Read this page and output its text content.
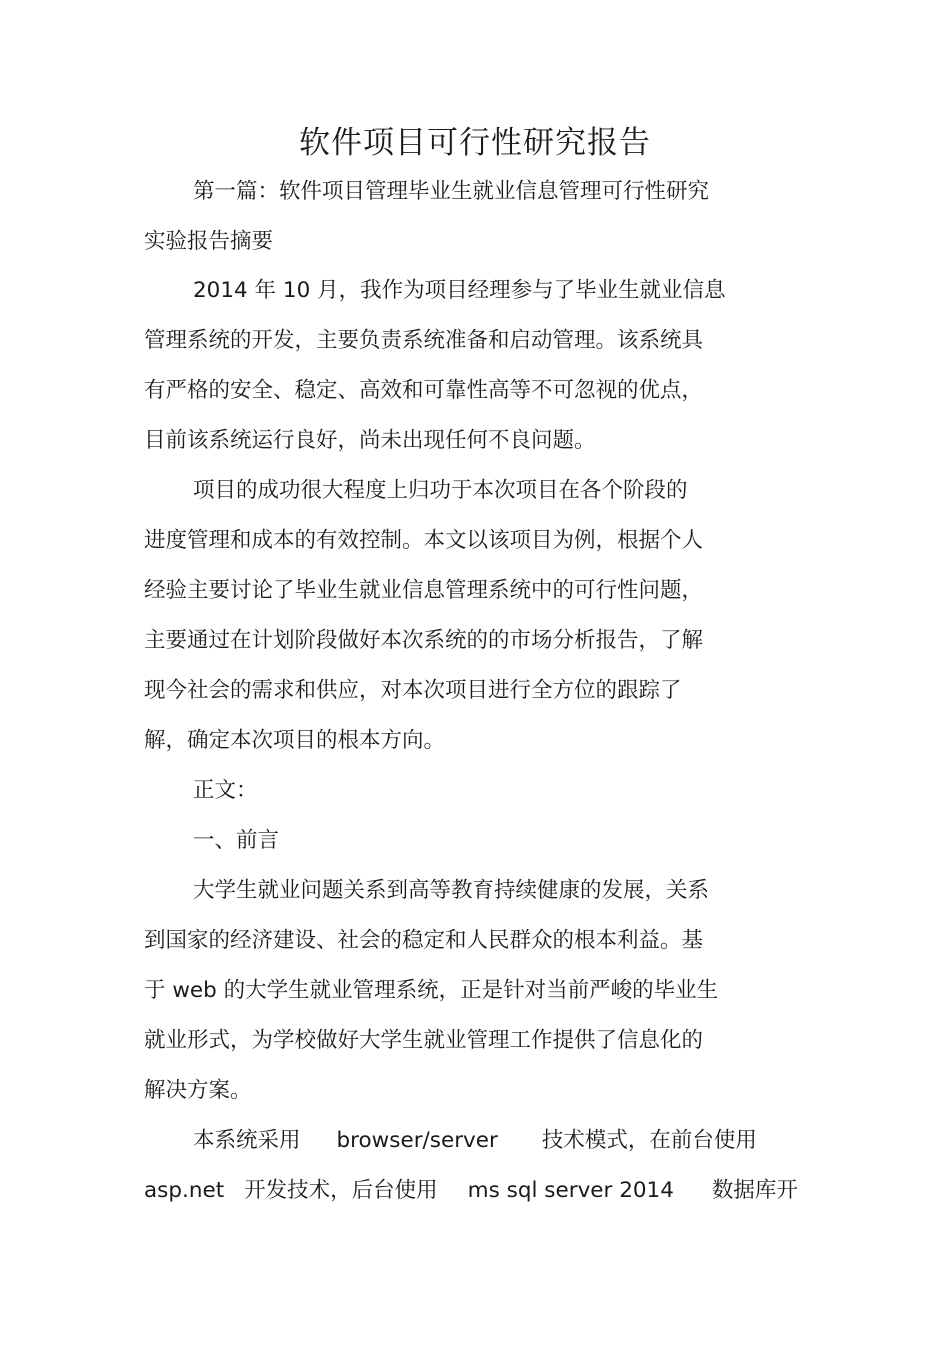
软件项目可行性研究报告
第一篇：软件项目管理毕业生就业信息管理可行性研究
实验报告摘要
2014 年 10 月，我作为项目经理参与了毕业生就业信息
管理系统的开发，主要负责系统准备和启动管理。该系统具
有严格的安全、稳定、高效和可靠性高等不可忽视的优点，
目前该系统运行良好，尚未出现任何不良问题。
项目的成功很大程度上归功于本次项目在各个阶段的
进度管理和成本的有效控制。本文以该项目为例，根据个人
经验主要讨论了毕业生就业信息管理系统中的可行性问题，
主要通过在计划阶段做好本次系统的的市场分析报告，了解
现今社会的需求和供应，对本次项目进行全方位的跟踪了
解，确定本次项目的根本方向。
正文：
一、前言
大学生就业问题关系到高等教育持续健康的发展，关系
到国家的经济建设、社会的稳定和人民群众的根本利益。基
于 web 的大学生就业管理系统，正是针对当前严峻的毕业生
就业形式，为学校做好大学生就业管理工作提供了信息化的
解决方案。
本系统采用 browser/server 技术模式，在前台使用
asp.net 开发技术，后台使用 ms sql server 2014 数据库开
